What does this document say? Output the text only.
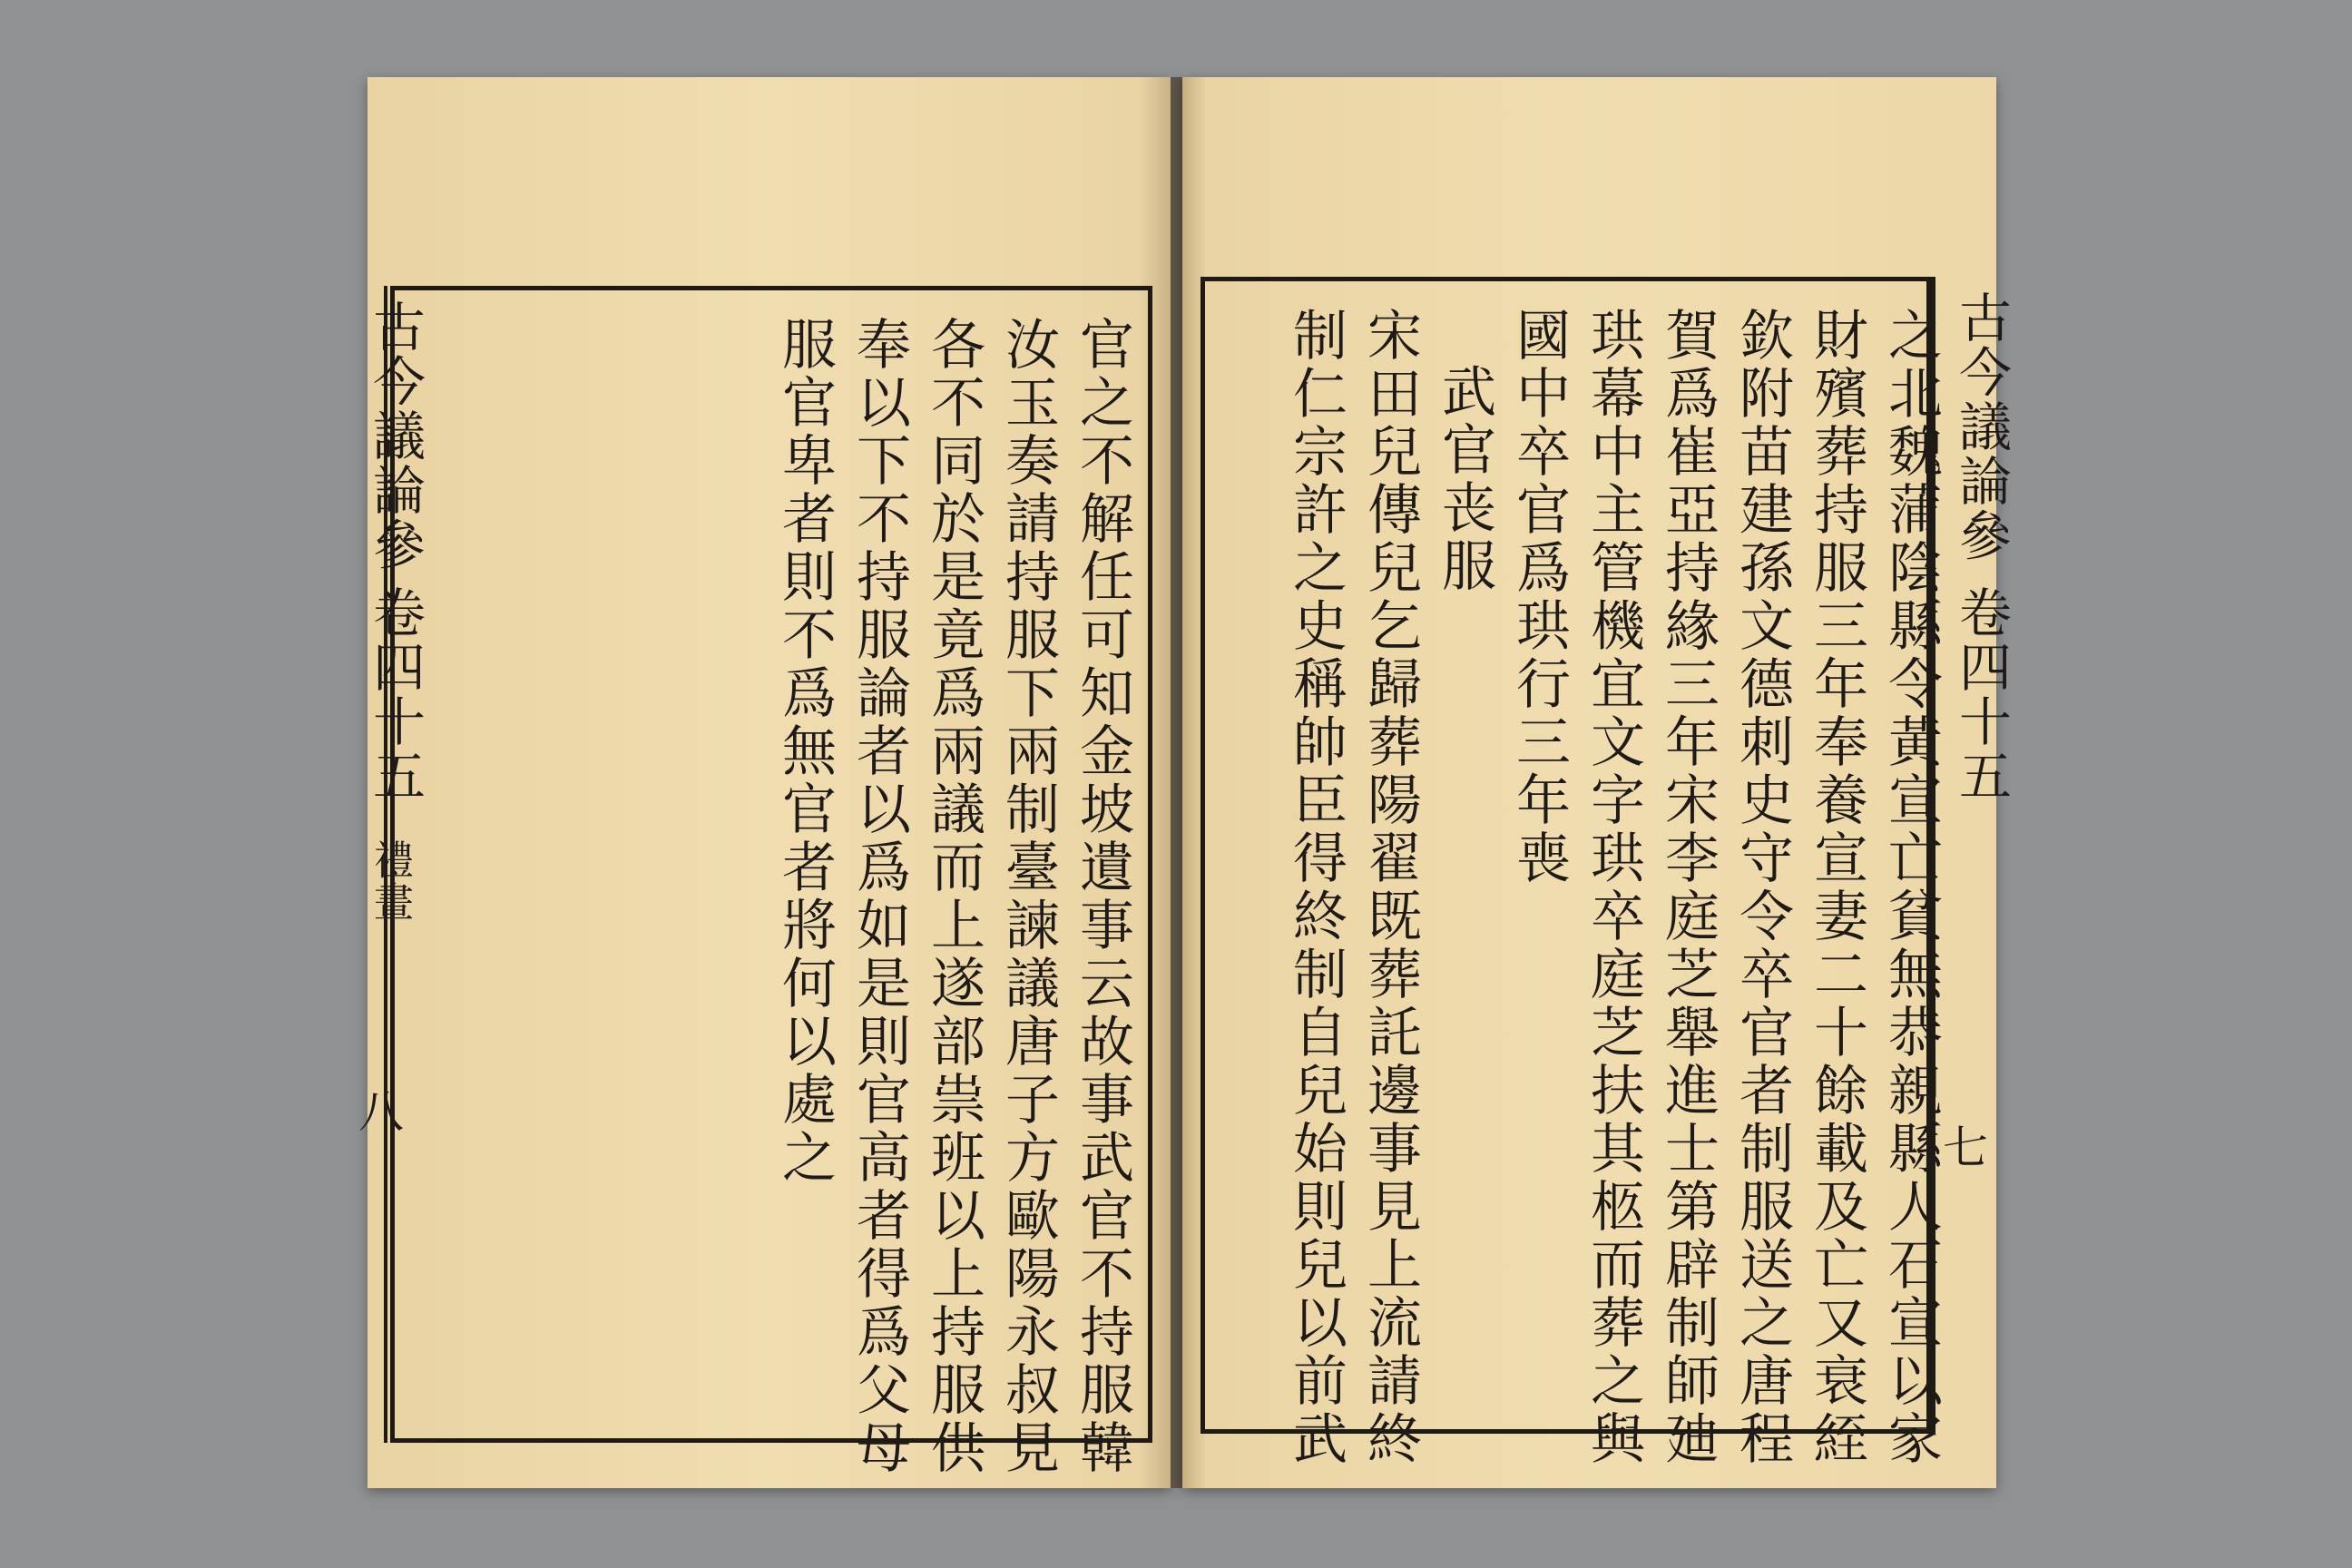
官之不解任可知金坡遺事云故事武官不持服韓
汝玉奏請持服下兩制臺諫議唐子方歐陽永叔見
各不同於是竟爲兩議而上遂部祟班以上持服供
奉以下不持服論者以爲如是則官高者得爲父母
服官卑者則不爲無官者將何以處之
古今議論參
卷四十五
禮晝
八
古今議論參
卷四十五
七
之北魏蒲陰縣令黃宣亡貧無恭親縣人石宣以家
財殯葬持服三年奉養宣妻二十餘載及亡又衰絰
欽附苗建孫文德刺史守令卒官者制服送之唐程
賀爲崔亞持緣三年宋李庭芝舉進士第辟制師廸
珙幕中主管機宜文字珙卒庭芝扶其柩而葬之與
國中卒官爲珙行三年喪
武官丧服
宋田兒傳兒乞歸葬陽翟既葬託邊事見上流請終
制仁宗許之史稱帥臣得終制自兒始則兒以前武
